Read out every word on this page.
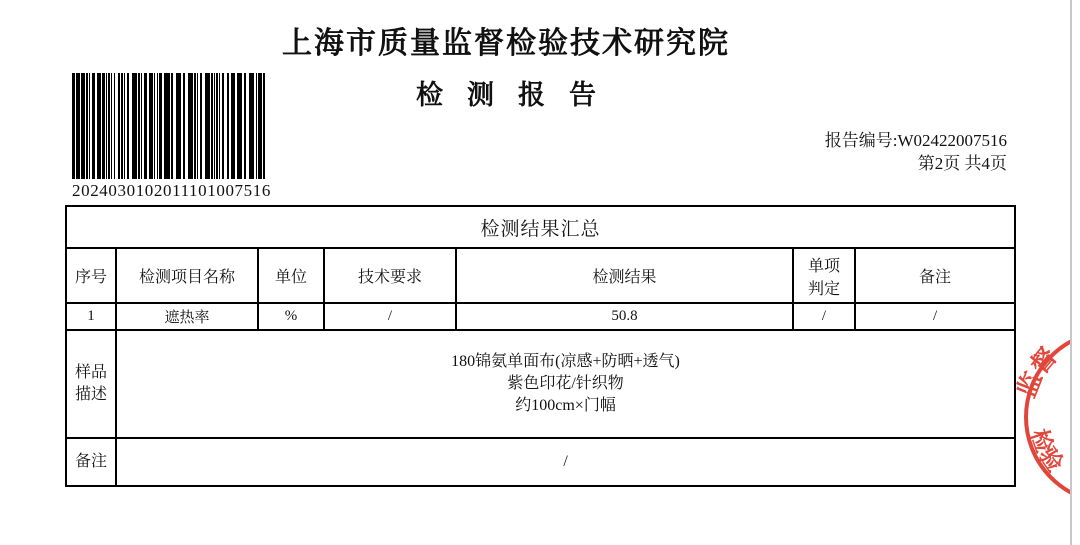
上海市质量监督检验技术研究院
检测报告
2024030102011101007516
报告编号:W02422007516
第2页 共4页
检测结果汇总						
序号	检测项目名称	单位	技术要求	检测结果	单项判定	备注
1	遮热率	%	/	50.8	/	/
样品描述	180锦氨单面布(凉感+防晒+透气)
紫色印花/针织物
约100cm×门幅					

备注	/					
监督
检验
